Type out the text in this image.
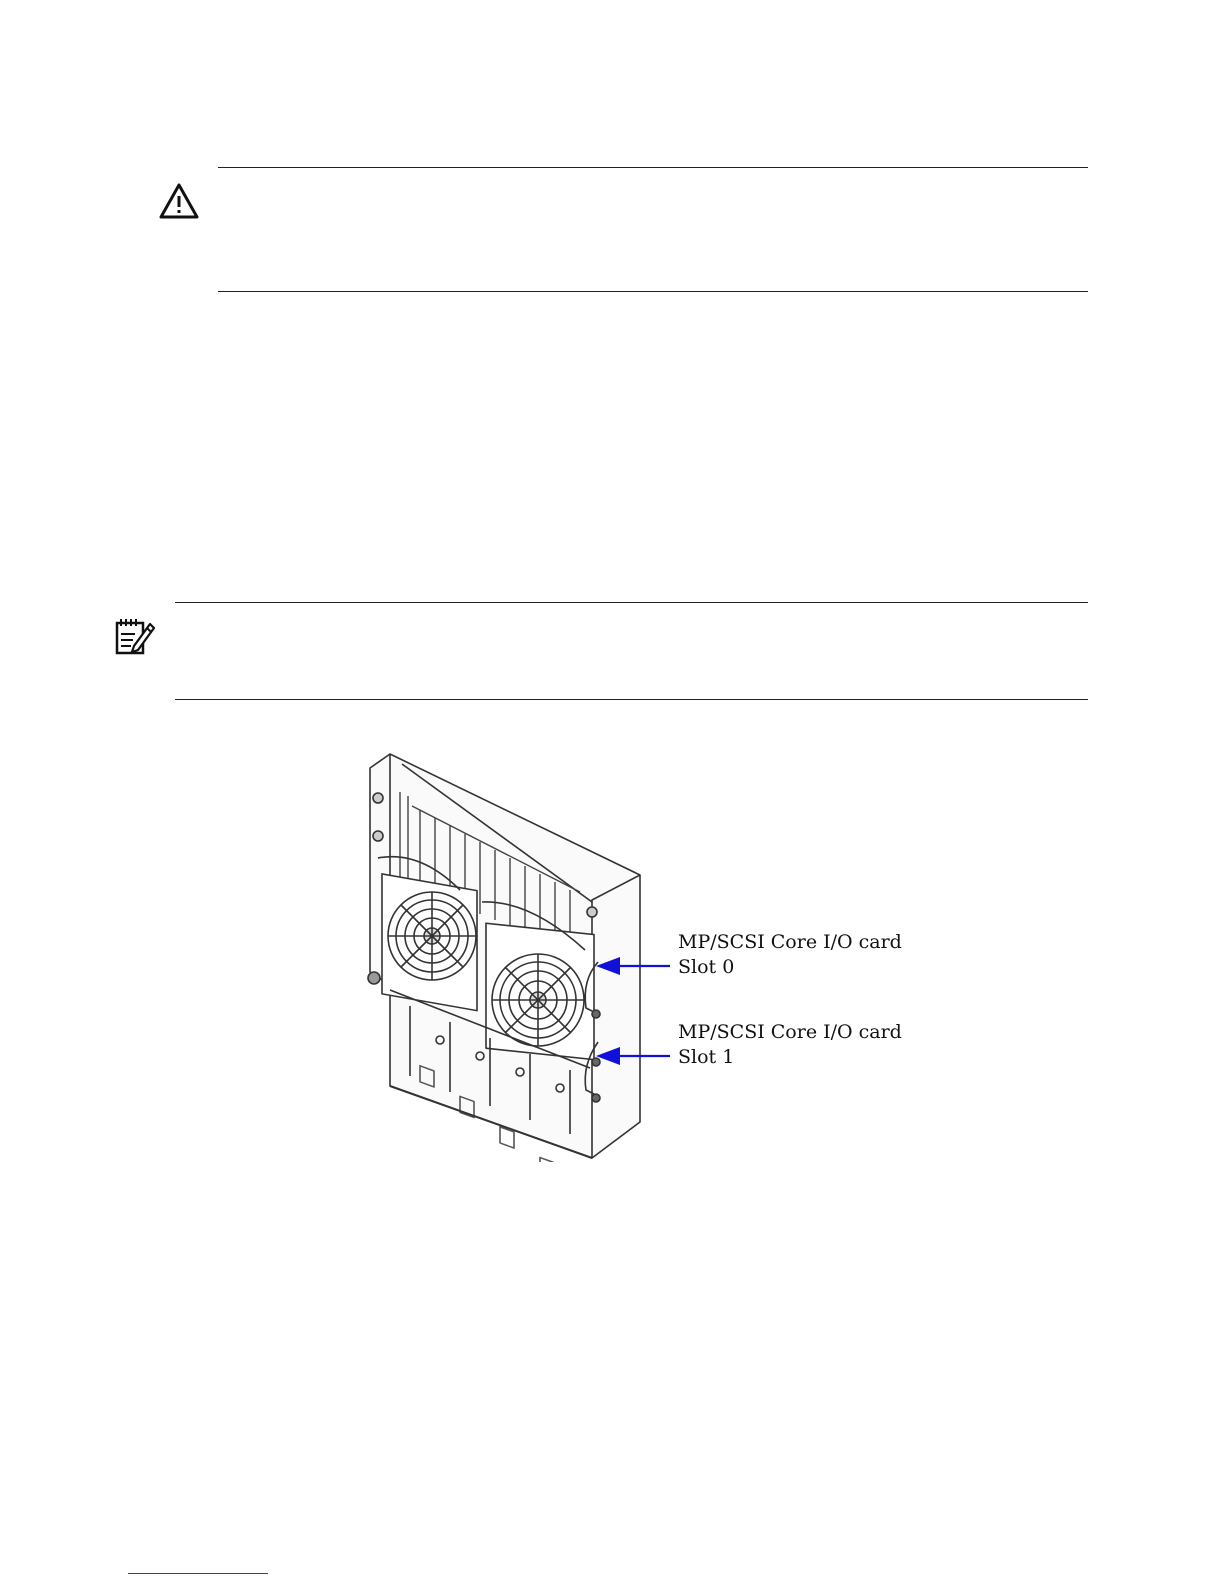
MP/SCSI Core I/O card
Slot 0
MP/SCSI Core I/O card
Slot 1
